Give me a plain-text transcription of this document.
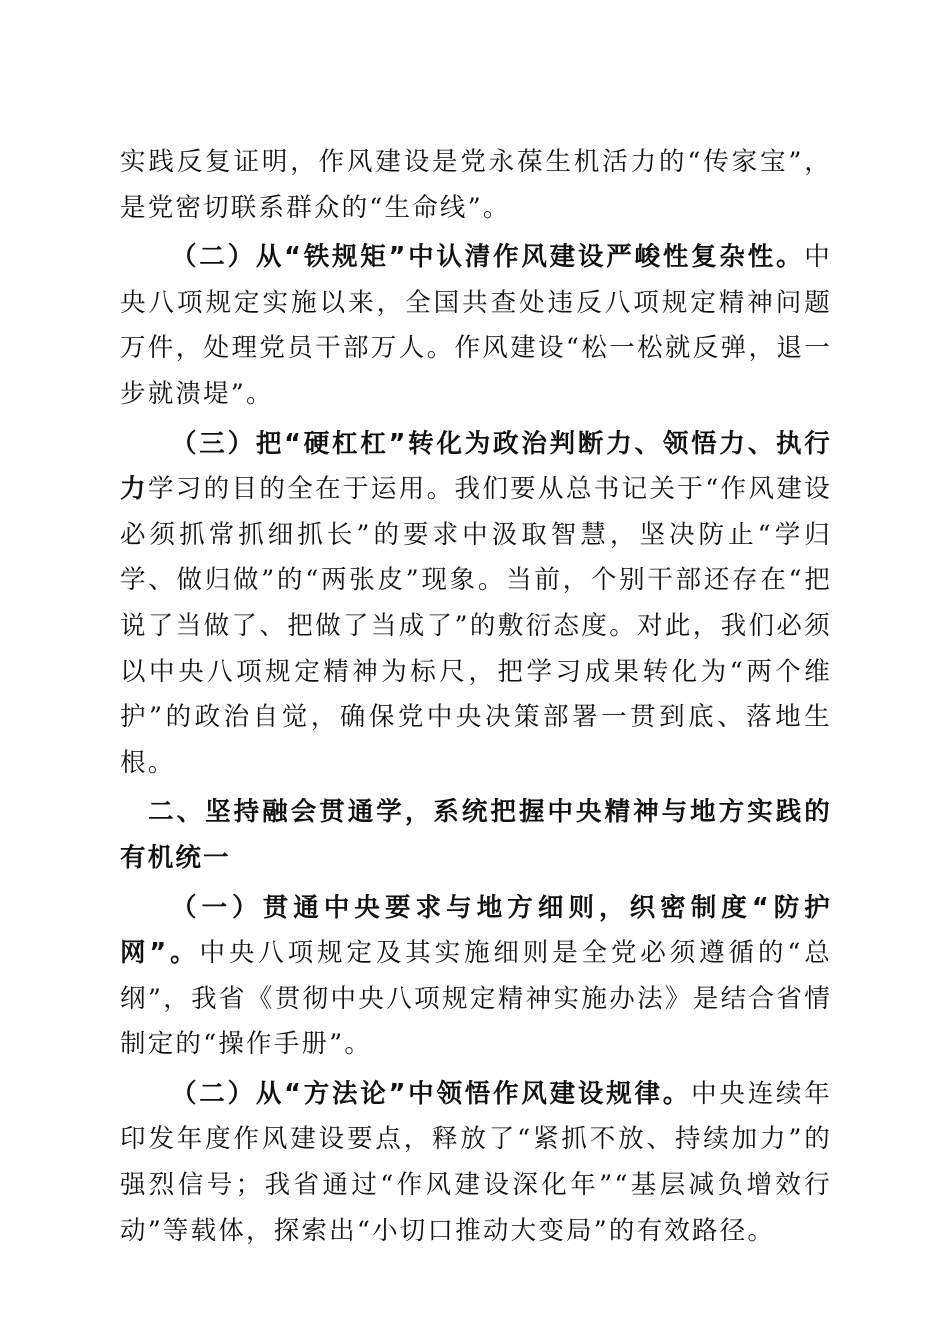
实践反复证明，作风建设是党永葆生机活力的“传家宝”，是党密切联系群众的“生命线”。

（二）从“铁规矩”中认清作风建设严峻性复杂性。中央八项规定实施以来，全国共查处违反八项规定精神问题万件，处理党员干部万人。作风建设“松一松就反弹，退一步就溃堤”。

（三）把“硬杠杠”转化为政治判断力、领悟力、执行力学习的目的全在于运用。我们要从总书记关于“作风建设必须抓常抓细抓长”的要求中汲取智慧，坚决防止“学归学、做归做”的“两张皮”现象。当前，个别干部还存在“把说了当做了、把做了当成了”的敷衍态度。对此，我们必须以中央八项规定精神为标尺，把学习成果转化为“两个维护”的政治自觉，确保党中央决策部署一贯到底、落地生根。

二、坚持融会贯通学，系统把握中央精神与地方实践的有机统一

（一）贯通中央要求与地方细则，织密制度“防护网”。中央八项规定及其实施细则是全党必须遵循的“总纲”，我省《贯彻中央八项规定精神实施办法》是结合省情制定的“操作手册”。

（二）从“方法论”中领悟作风建设规律。中央连续年印发年度作风建设要点，释放了“紧抓不放、持续加力”的强烈信号；我省通过“作风建设深化年”“基层减负增效行动”等载体，探索出“小切口推动大变局”的有效路径。
